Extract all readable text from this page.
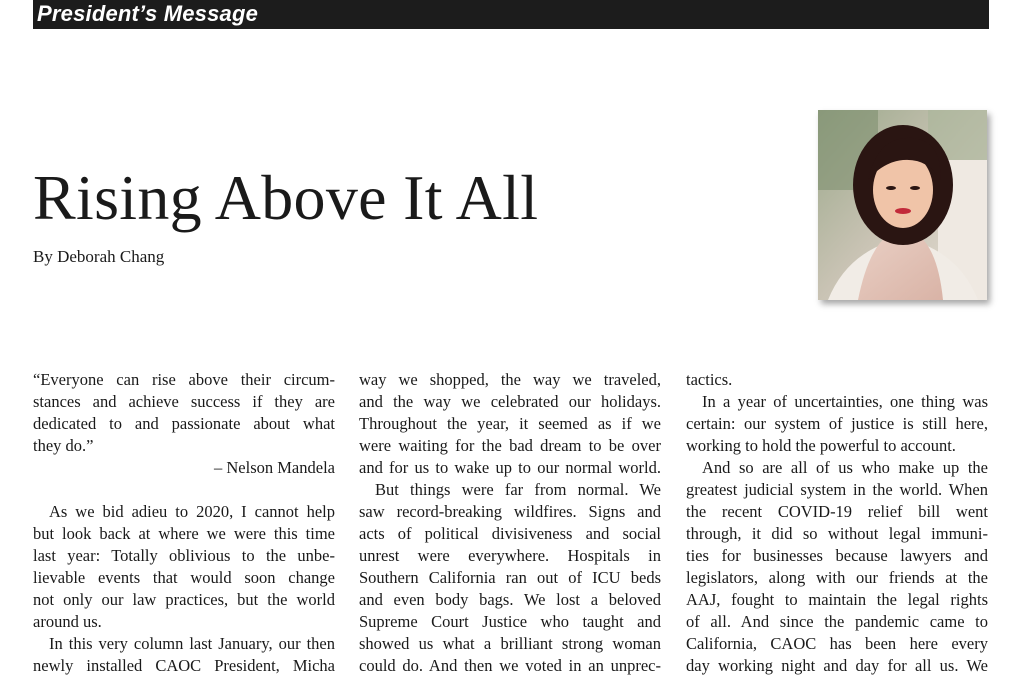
President’s Message
Rising Above It All
By Deborah Chang
“Everyone can rise above their circum-
stances and achieve success if they are
dedicated to and passionate about what
they do.”
– Nelson Mandela
As we bid adieu to 2020, I cannot help
but look back at where we were this time
last year: Totally oblivious to the unbe-
lievable events that would soon change
not only our law practices, but the world
around us.
In this very column last January, our then
newly installed CAOC President, Micha
way we shopped, the way we traveled,
and the way we celebrated our holidays.
Throughout the year, it seemed as if we
were waiting for the bad dream to be over
and for us to wake up to our normal world.
But things were far from normal. We
saw record-breaking wildfires. Signs and
acts of political divisiveness and social
unrest were everywhere. Hospitals in
Southern California ran out of ICU beds
and even body bags. We lost a beloved
Supreme Court Justice who taught and
showed us what a brilliant strong woman
could do. And then we voted in an unprec-
tactics.
In a year of uncertainties, one thing was
certain: our system of justice is still here,
working to hold the powerful to account.
And so are all of us who make up the
greatest judicial system in the world. When
the recent COVID-19 relief bill went
through, it did so without legal immuni-
ties for businesses because lawyers and
legislators, along with our friends at the
AAJ, fought to maintain the legal rights
of all. And since the pandemic came to
California, CAOC has been here every
day working night and day for all us. We
